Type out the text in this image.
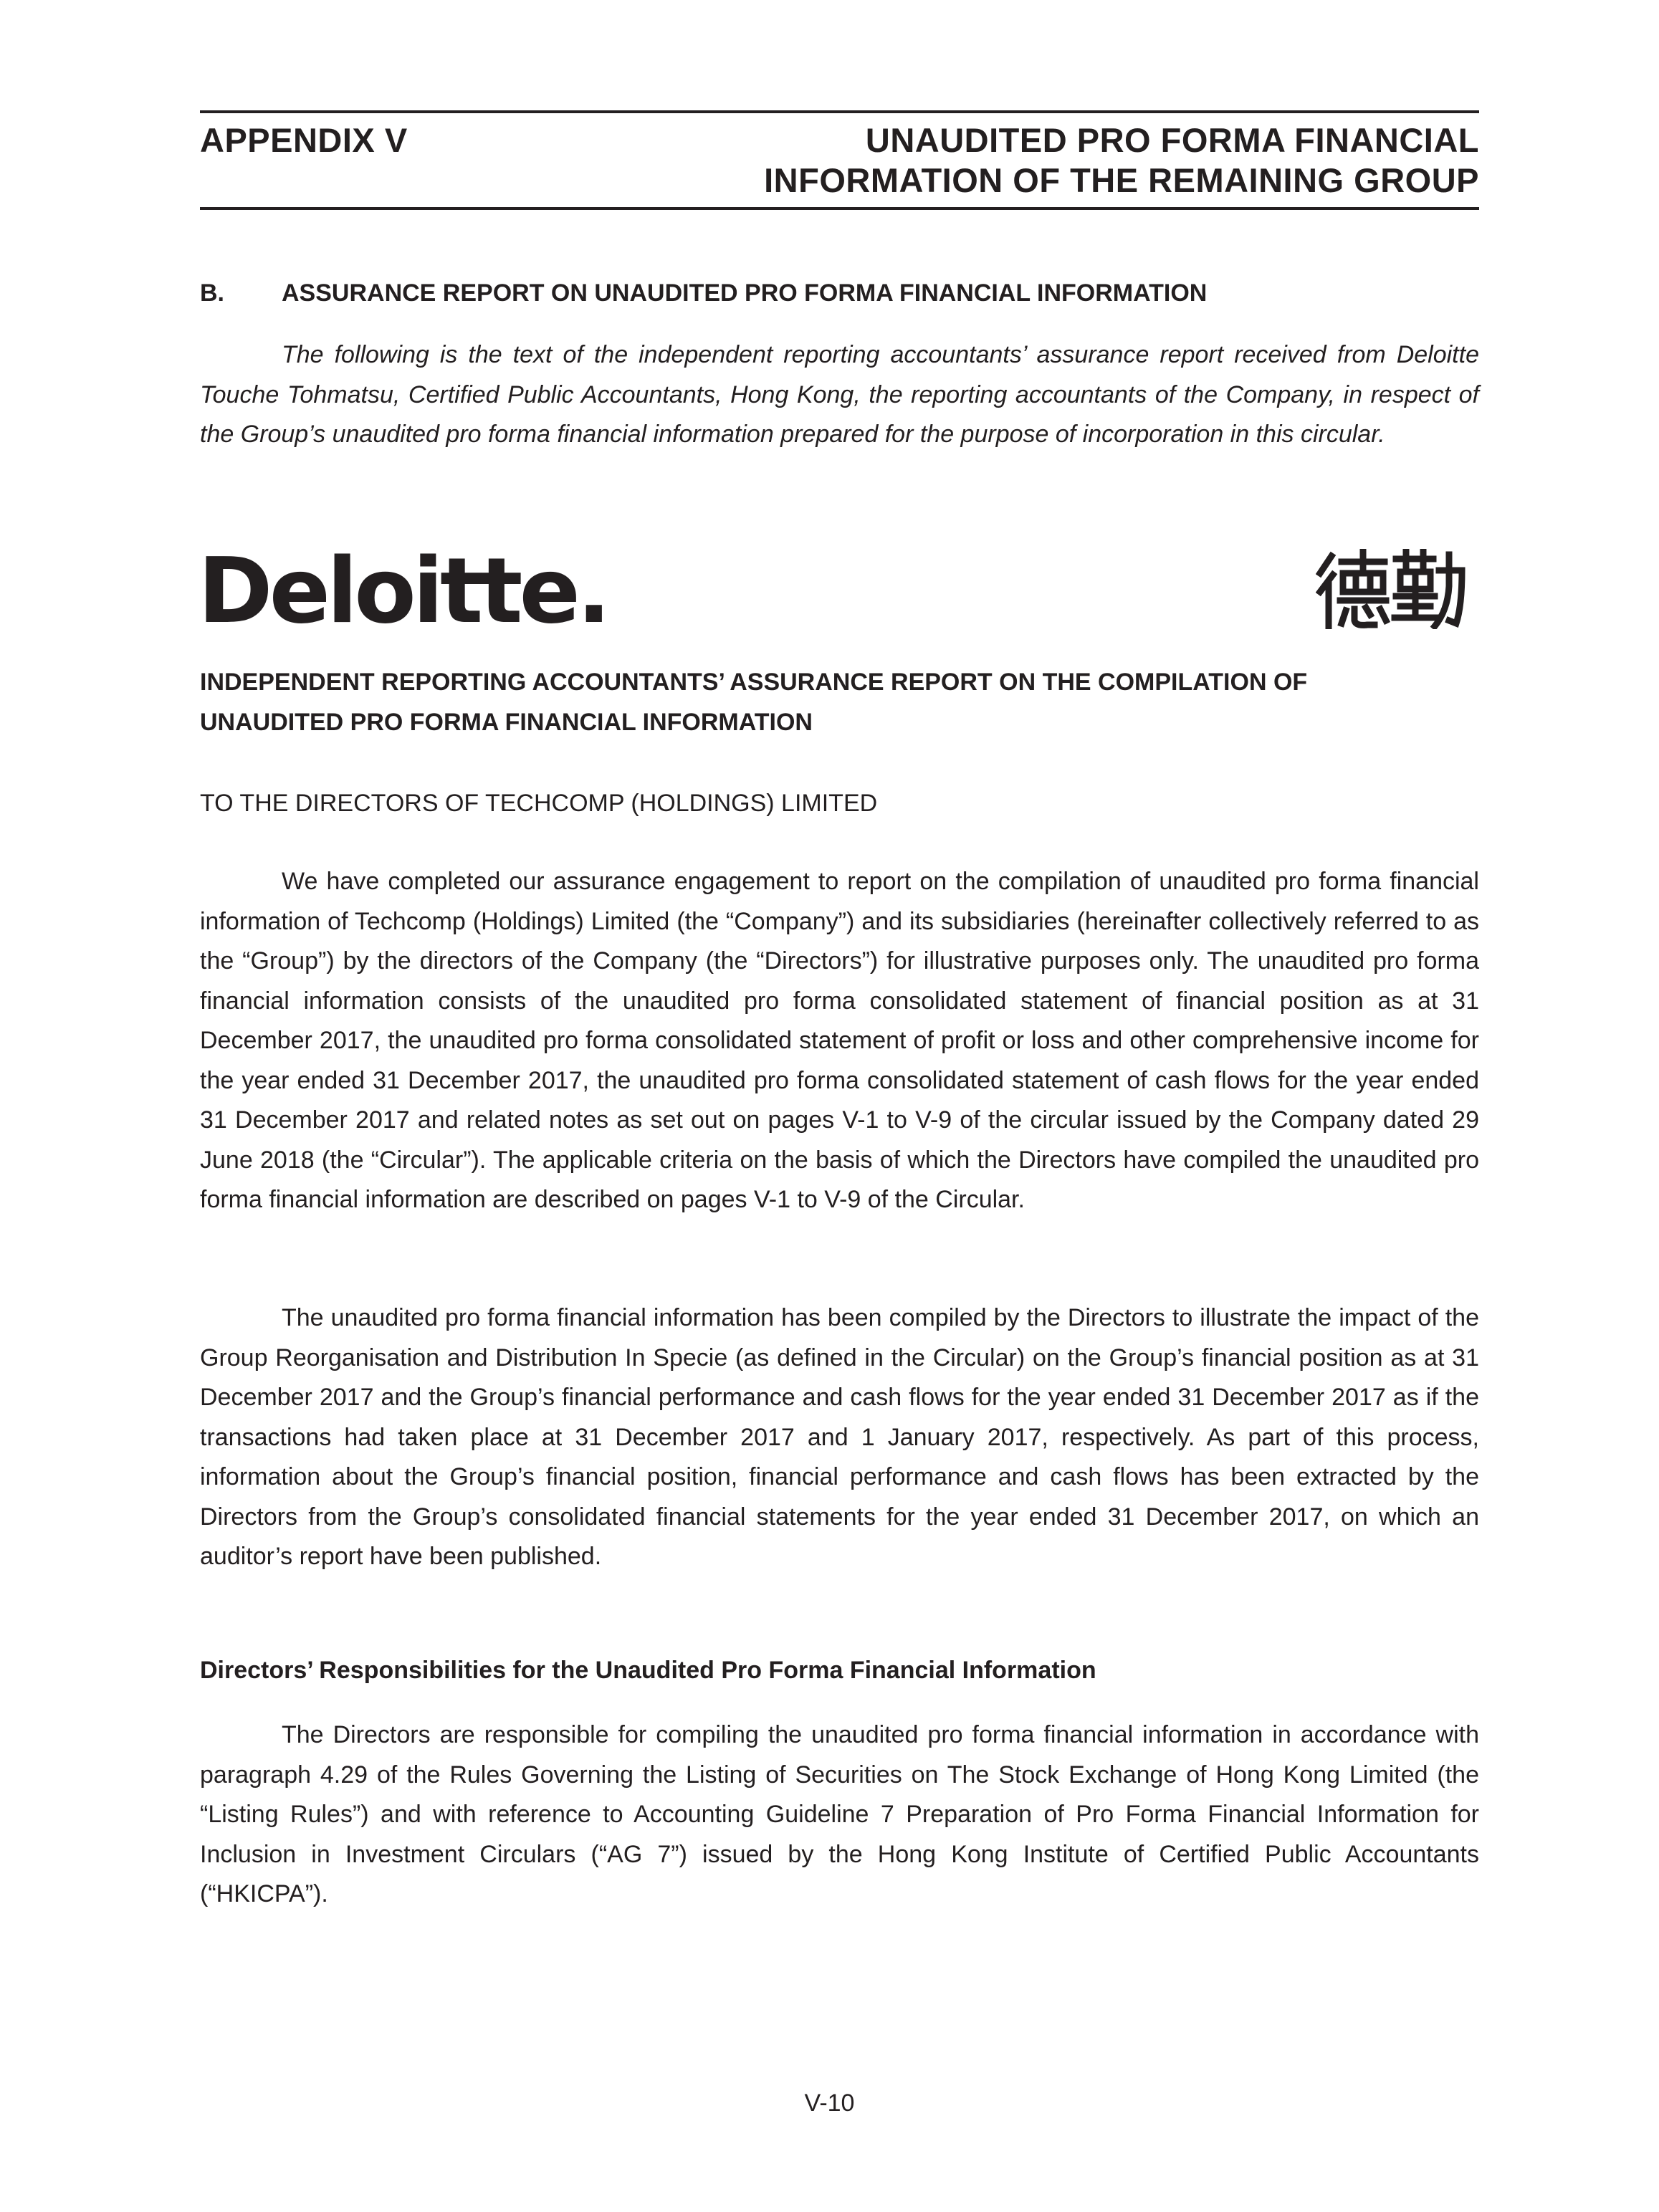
APPENDIX V	UNAUDITED PRO FORMA FINANCIAL
INFORMATION OF THE REMAINING GROUP
B. ASSURANCE REPORT ON UNAUDITED PRO FORMA FINANCIAL INFORMATION

The following is the text of the independent reporting accountants’ assurance report received from Deloitte Touche Tohmatsu, Certified Public Accountants, Hong Kong, the reporting accountants of the Company, in respect of the Group’s unaudited pro forma financial information prepared for the purpose of incorporation in this circular.

Deloitte.
INDEPENDENT REPORTING ACCOUNTANTS’ ASSURANCE REPORT ON THE COMPILATION OF
UNAUDITED PRO FORMA FINANCIAL INFORMATION
TO THE DIRECTORS OF TECHCOMP (HOLDINGS) LIMITED

We have completed our assurance engagement to report on the compilation of unaudited pro forma financial information of Techcomp (Holdings) Limited (the “Company”) and its subsidiaries (hereinafter collectively referred to as the “Group”) by the directors of the Company (the “Directors”) for illustrative purposes only. The unaudited pro forma financial information consists of the unaudited pro forma consolidated statement of financial position as at 31 December 2017, the unaudited pro forma consolidated statement of profit or loss and other comprehensive income for the year ended 31 December 2017, the unaudited pro forma consolidated statement of cash flows for the year ended 31 December 2017 and related notes as set out on pages V-1 to V-9 of the circular issued by the Company dated 29 June 2018 (the “Circular”). The applicable criteria on the basis of which the Directors have compiled the unaudited pro forma financial information are described on pages V-1 to V-9 of the Circular.

The unaudited pro forma financial information has been compiled by the Directors to illustrate the impact of the Group Reorganisation and Distribution In Specie (as defined in the Circular) on the Group’s financial position as at 31 December 2017 and the Group’s financial performance and cash flows for the year ended 31 December 2017 as if the transactions had taken place at 31 December 2017 and 1 January 2017, respectively. As part of this process, information about the Group’s financial position, financial performance and cash flows has been extracted by the Directors from the Group’s consolidated financial statements for the year ended 31 December 2017, on which an auditor’s report have been published.

Directors’ Responsibilities for the Unaudited Pro Forma Financial Information

The Directors are responsible for compiling the unaudited pro forma financial information in accordance with paragraph 4.29 of the Rules Governing the Listing of Securities on The Stock Exchange of Hong Kong Limited (the “Listing Rules”) and with reference to Accounting Guideline 7 Preparation of Pro Forma Financial Information for Inclusion in Investment Circulars (“AG 7”) issued by the Hong Kong Institute of Certified Public Accountants (“HKICPA”).

V-10
